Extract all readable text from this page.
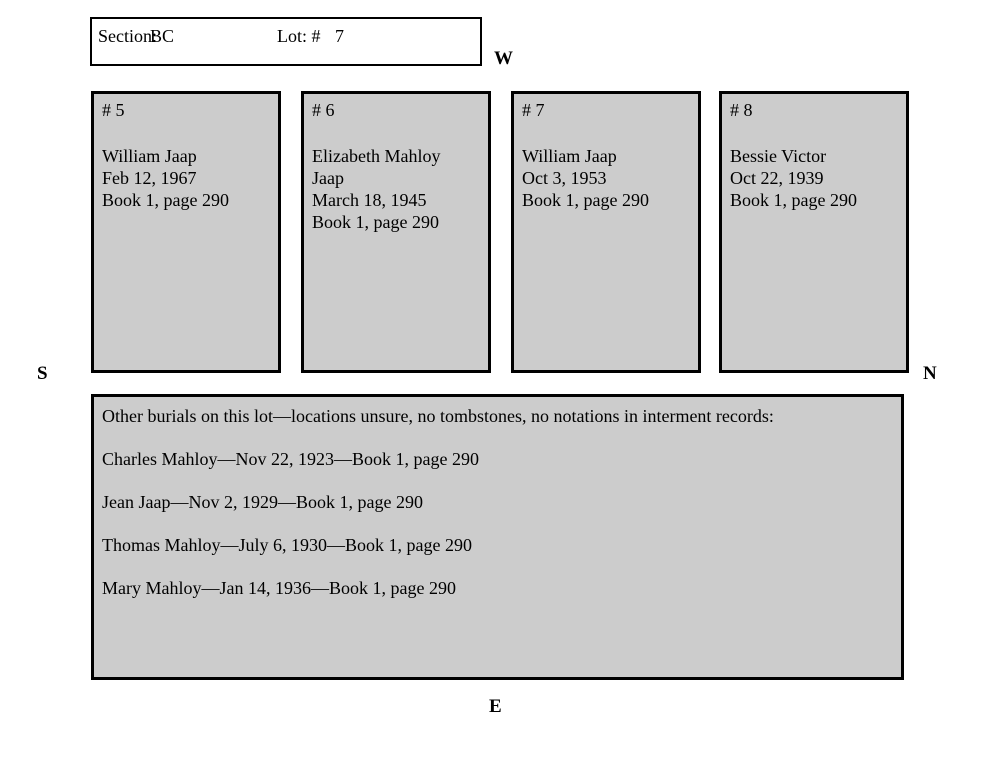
Section:
BC	Lot: # 7
W
S	N
E
# 5
William Jaap
Feb 12, 1967
Book 1, page 290
# 6
Elizabeth Mahloy Jaap
March 18, 1945
Book 1, page 290
# 7
William Jaap
Oct 3, 1953
Book 1, page 290
# 8
Bessie Victor
Oct 22, 1939
Book 1, page 290
Other burials on this lot—locations unsure, no tombstones, no notations in interment records:
Charles Mahloy—Nov 22, 1923—Book 1, page 290
Jean Jaap—Nov 2, 1929—Book 1, page 290
Thomas Mahloy—July 6, 1930—Book 1, page 290
Mary Mahloy—Jan 14, 1936—Book 1, page 290
